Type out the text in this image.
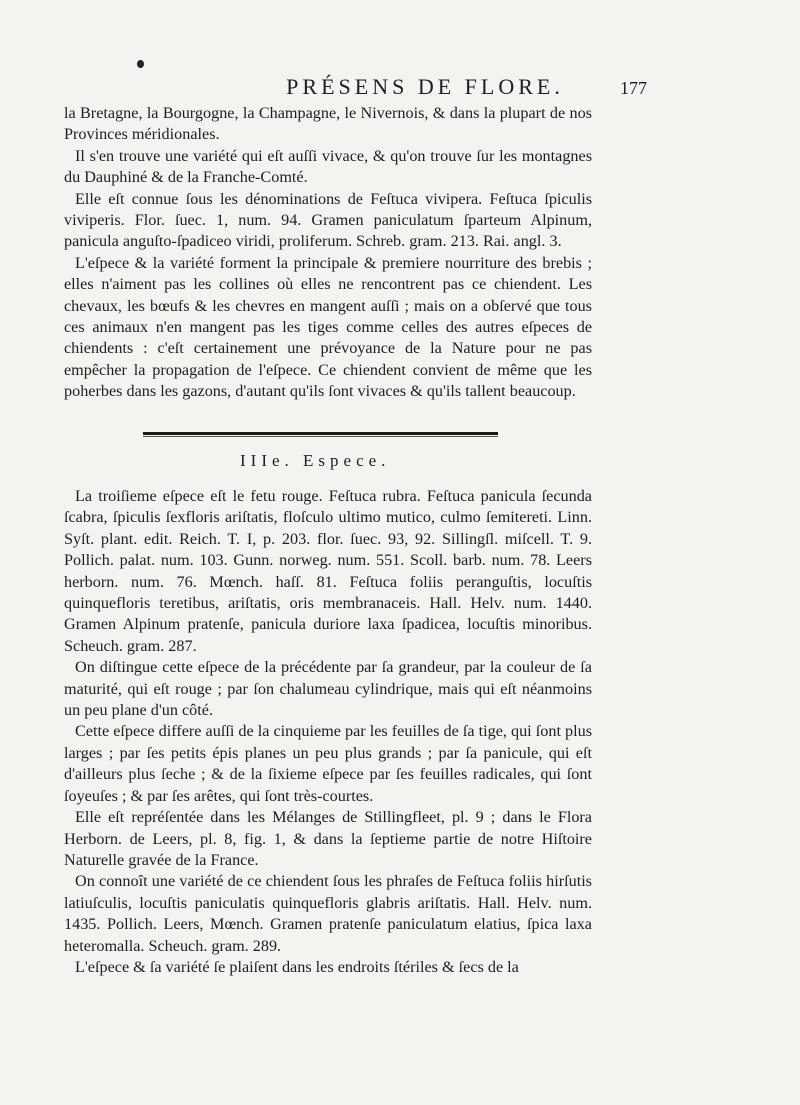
PRÉSENS DE FLORE.	177

la Bretagne, la Bourgogne, la Champagne, le Nivernois, & dans la plupart de nos Provinces méridionales.

Il s'en trouve une variété qui eſt auſſi vivace, & qu'on trouve ſur les montagnes du Dauphiné & de la Franche-Comté.

Elle eſt connue ſous les dénominations de Feſtuca vivipera. Feſtuca ſpiculis viviperis. Flor. ſuec. 1, num. 94. Gramen paniculatum ſparteum Alpinum, panicula anguſto-ſpadiceo viridi, proliferum. Schreb. gram. 213. Rai. angl. 3.

L'eſpece & la variété forment la principale & premiere nourriture des brebis ; elles n'aiment pas les collines où elles ne rencontrent pas ce chiendent. Les chevaux, les bœufs & les chevres en mangent auſſi ; mais on a obſervé que tous ces animaux n'en mangent pas les tiges comme celles des autres eſpeces de chiendents : c'eſt certainement une prévoyance de la Nature pour ne pas empêcher la propagation de l'eſpece. Ce chiendent convient de même que les poherbes dans les gazons, d'autant qu'ils ſont vivaces & qu'ils tallent beaucoup.

IIIe. Espece.

La troiſieme eſpece eſt le fetu rouge. Feſtuca rubra. Feſtuca panicula ſecunda ſcabra, ſpiculis ſexfloris ariſtatis, floſculo ultimo mutico, culmo ſemitereti. Linn. Syſt. plant. edit. Reich. T. I, p. 203. flor. ſuec. 93, 92. Sillingſl. miſcell. T. 9. Pollich. palat. num. 103. Gunn. norweg. num. 551. Scoll. barb. num. 78. Leers herborn. num. 76. Mœnch. haſſ. 81. Feſtuca foliis peranguſtis, locuſtis quinquefloris teretibus, ariſtatis, oris membranaceis. Hall. Helv. num. 1440. Gramen Alpinum pratenſe, panicula duriore laxa ſpadicea, locuſtis minoribus. Scheuch. gram. 287.

On diſtingue cette eſpece de la précédente par ſa grandeur, par la couleur de ſa maturité, qui eſt rouge ; par ſon chalumeau cylindrique, mais qui eſt néanmoins un peu plane d'un côté.

Cette eſpece differe auſſi de la cinquieme par les feuilles de ſa tige, qui ſont plus larges ; par ſes petits épis planes un peu plus grands ; par ſa panicule, qui eſt d'ailleurs plus ſeche ; & de la ſixieme eſpece par ſes feuilles radicales, qui ſont ſoyeuſes ; & par ſes arêtes, qui ſont très-courtes.

Elle eſt repréſentée dans les Mélanges de Stillingfleet, pl. 9 ; dans le Flora Herborn. de Leers, pl. 8, fig. 1, & dans la ſeptieme partie de notre Hiſtoire Naturelle gravée de la France.

On connoît une variété de ce chiendent ſous les phraſes de Feſtuca foliis hirſutis latiuſculis, locuſtis paniculatis quinquefloris glabris ariſtatis. Hall. Helv. num. 1435. Pollich. Leers, Mœnch. Gramen pratenſe paniculatum elatius, ſpica laxa heteromalla. Scheuch. gram. 289.

L'eſpece & ſa variété ſe plaiſent dans les endroits ſtériles & ſecs de la
